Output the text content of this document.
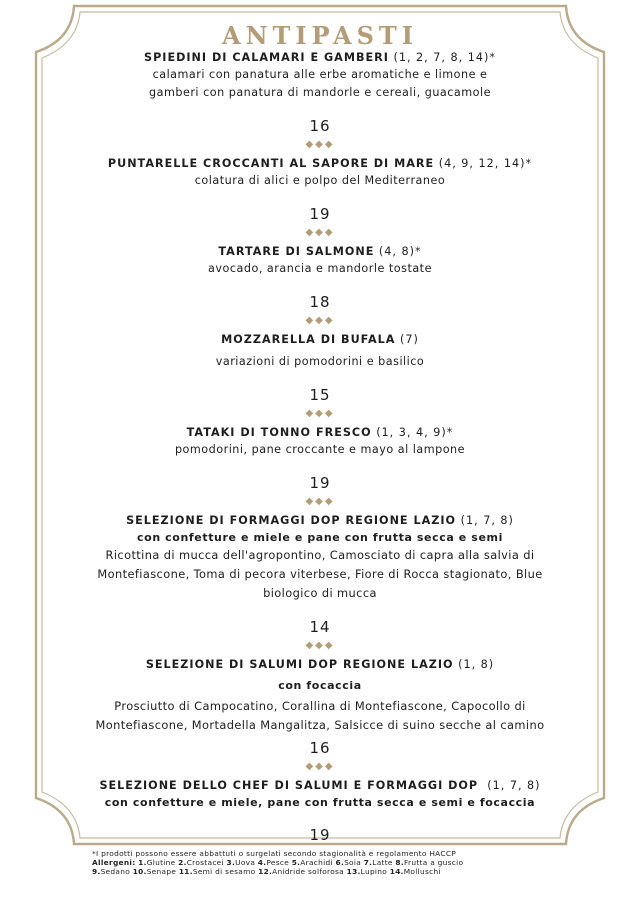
ANTIPASTI
SPIEDINI DI CALAMARI E GAMBERI (1, 2, 7, 8, 14)*
calamari con panatura alle erbe aromatiche e limone e
gamberi con panatura di mandorle e cereali, guacamole
16
◆◆◆
PUNTARELLE CROCCANTI AL SAPORE DI MARE (4, 9, 12, 14)*
colatura di alici e polpo del Mediterraneo
19
◆◆◆
TARTARE DI SALMONE (4, 8)*
avocado, arancia e mandorle tostate
18
◆◆◆
MOZZARELLA DI BUFALA (7)
variazioni di pomodorini e basilico
15
◆◆◆
TATAKI DI TONNO FRESCO (1, 3, 4, 9)*
pomodorini, pane croccante e mayo al lampone
19
◆◆◆
SELEZIONE DI FORMAGGI DOP REGIONE LAZIO (1, 7, 8)
con confetture e miele e pane con frutta secca e semi
Ricottina di mucca dell'agropontino, Camosciato di capra alla salvia di
Montefiascone, Toma di pecora viterbese, Fiore di Rocca stagionato, Blue
biologico di mucca
14
◆◆◆
SELEZIONE DI SALUMI DOP REGIONE LAZIO (1, 8)
con focaccia
Prosciutto di Campocatino, Corallina di Montefiascone, Capocollo di
Montefiascone, Mortadella Mangalitza, Salsicce di suino secche al camino
16
◆◆◆
SELEZIONE DELLO CHEF DI SALUMI E FORMAGGI DOP  (1, 7, 8)
con confetture e miele, pane con frutta secca e semi e focaccia
19
*I prodotti possono essere abbattuti o surgelati secondo stagionalità e regolamento HACCP
Allergeni: 1.Glutine 2.Crostacei 3.Uova 4.Pesce 5.Arachidi 6.Soia 7.Latte 8.Frutta a guscio
9.Sedano 10.Senape 11.Semi di sesamo 12.Anidride solforosa 13.Lupino 14.Molluschi
